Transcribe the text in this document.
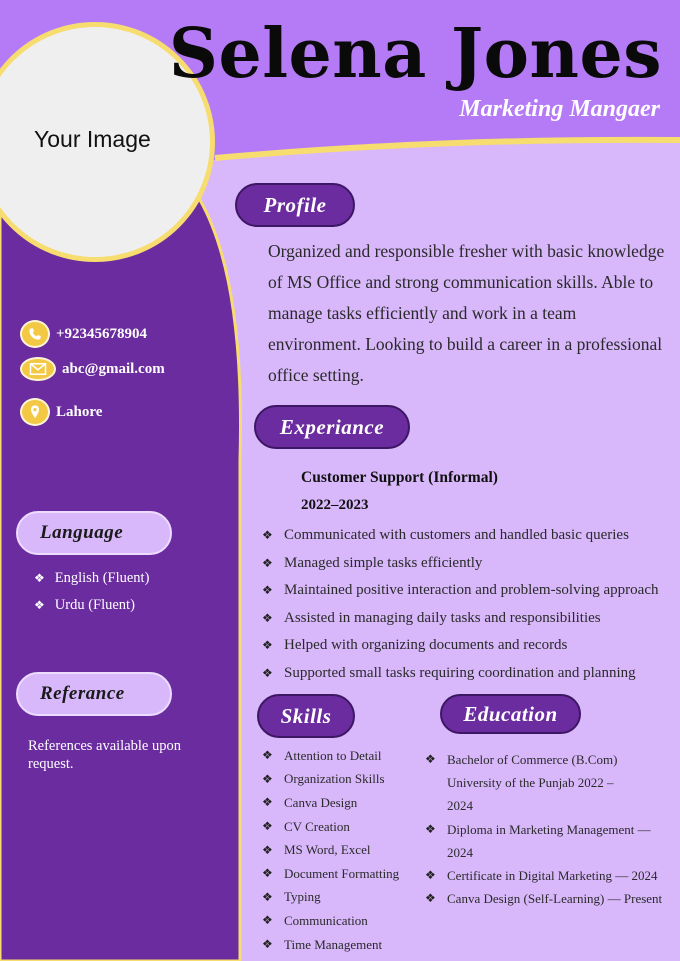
Your Image
Selena Jones
Marketing Mangaer
+92345678904
abc@gmail.com
Lahore
Language
❖ English (Fluent)
❖ Urdu (Fluent)
Referance
References available upon request.
Profile
Organized and responsible fresher with basic knowledge of MS Office and strong communication skills. Able to manage tasks efficiently and work in a team environment. Looking to build a career in a professional office setting.
Experiance
Customer Support (Informal)
2022–2023
❖ Communicated with customers and handled basic queries
❖ Managed simple tasks efficiently
❖ Maintained positive interaction and problem-solving approach
❖ Assisted in managing daily tasks and responsibilities
❖ Helped with organizing documents and records
❖ Supported small tasks requiring coordination and planning
Skills
❖ Attention to Detail
❖ Organization Skills
❖ Canva Design
❖ CV Creation
❖ MS Word, Excel
❖ Document Formatting
❖ Typing
❖ Communication
❖ Time Management
Education
❖ Bachelor of Commerce (B.Com) University of the Punjab 2022 – 2024
❖ Diploma in Marketing Management — 2024
❖ Certificate in Digital Marketing — 2024
❖ Canva Design (Self-Learning) — Present
